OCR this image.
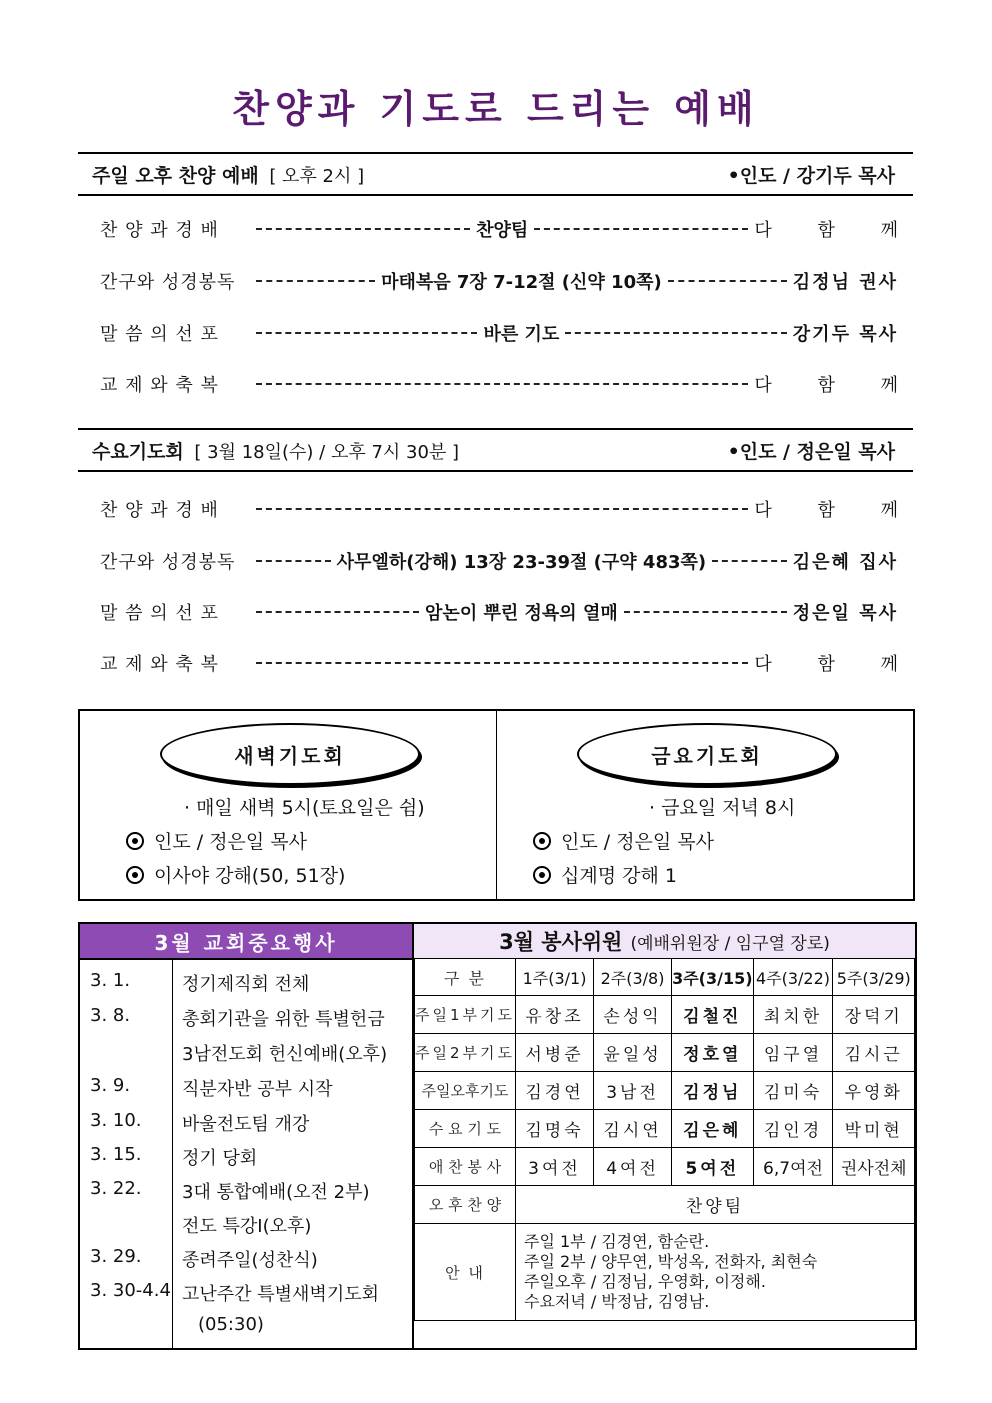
찬양과 기도로 드리는 예배
주일 오후 찬양 예배 [ 오후 2시 ]	•인도 / 강기두 목사
찬 양 과 경 배	찬양팀	다 함 께
간구와 성경봉독	마태복음 7장 7-12절 (신약 10쪽)	김정님 권사
말 씀 의 선 포	바른 기도	강기두 목사
교 제 와 축 복	다 함 께
수요기도회 [ 3월 18일(수) / 오후 7시 30분 ]	•인도 / 정은일 목사
찬 양 과 경 배	다 함 께
간구와 성경봉독	사무엘하(강해) 13장 23-39절 (구약 483쪽)	김은혜 집사
말 씀 의 선 포	암논이 뿌린 정욕의 열매	정은일 목사
교 제 와 축 복	다 함 께
새벽기도회
· 매일 새벽 5시(토요일은 쉼)
인도 / 정은일 목사
이사야 강해(50, 51장)
금요기도회
· 금요일 저녁 8시
인도 / 정은일 목사
십계명 강해 1
3월 교회중요행사
3. 1.	정기제직회 전체
3. 8.	총회기관을 위한 특별헌금
3남전도회 헌신예배(오후)
3. 9.	직분자반 공부 시작
3. 10. 바울전도팀 개강
3. 15. 정기 당회
3. 22. 3대 통합예배(오전 2부)
전도 특강Ⅰ(오후)
3. 29. 종려주일(성찬식)
3. 30-4.4 고난주간 특별새벽기도회
(05:30)
3월 봉사위원 (예배위원장 / 임구열 장로)
구 분	1주(3/1)	2주(3/8)	3주(3/15)	4주(3/22)	5주(3/29)
주일1부기도	유창조	손성익	김철진	최치한	장덕기
주일2부기도	서병준	윤일성	정호열	임구열	김시근
주일오후기도	김경연	3남전	김정님	김미숙	우영화
수 요 기 도	김명숙	김시연	김은혜	김인경	박미현
애 찬 봉 사	3여전	4여전	5여전	6,7여전	권사전체
오 후 찬 양	찬양팀				
안 내	주일 1부 / 김경연, 함순란.
주일 2부 / 양무연, 박성옥, 전화자, 최현숙
주일오후 / 김정님, 우영화, 이정해.
수요저녁 / 박정남, 김영남.				
